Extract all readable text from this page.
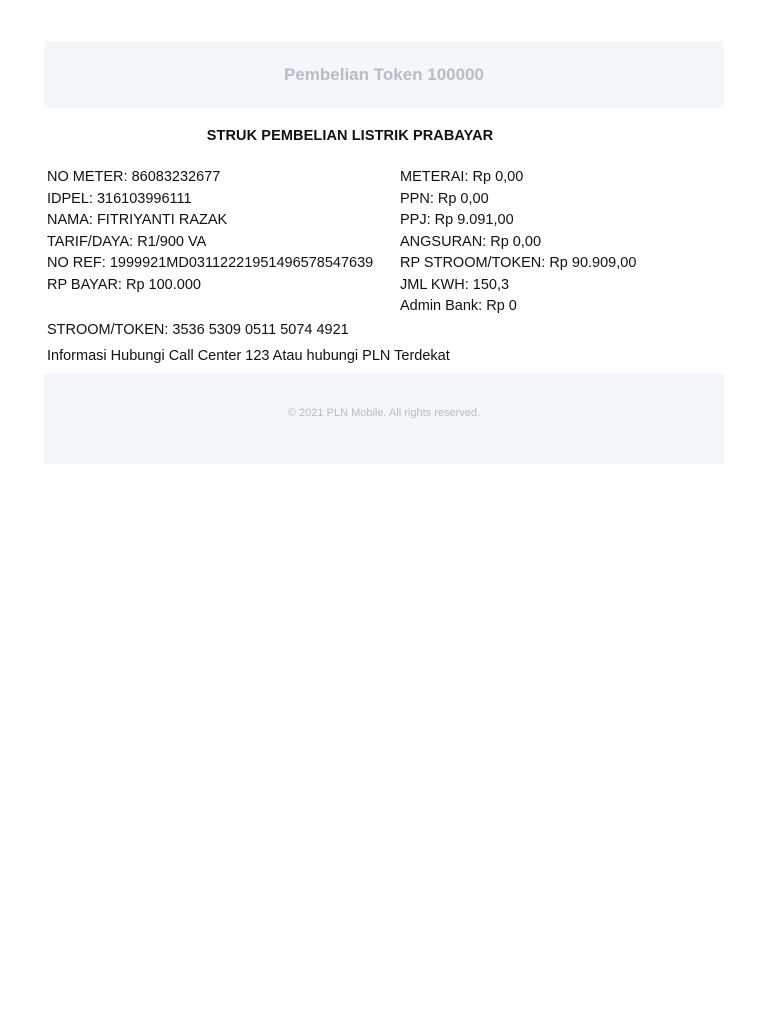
Pembelian Token 100000
STRUK PEMBELIAN LISTRIK PRABAYAR
NO METER: 86083232677
IDPEL: 316103996111
NAMA: FITRIYANTI RAZAK
TARIF/DAYA: R1/900 VA
NO REF: 1999921MD03112221951496578547639
RP BAYAR: Rp 100.000
METERAI: Rp 0,00
PPN: Rp 0,00
PPJ: Rp 9.091,00
ANGSURAN: Rp 0,00
RP STROOM/TOKEN: Rp 90.909,00
JML KWH: 150,3
Admin Bank: Rp 0
STROOM/TOKEN: 3536 5309 0511 5074 4921
Informasi Hubungi Call Center 123 Atau hubungi PLN Terdekat
© 2021 PLN Mobile. All rights reserved.
